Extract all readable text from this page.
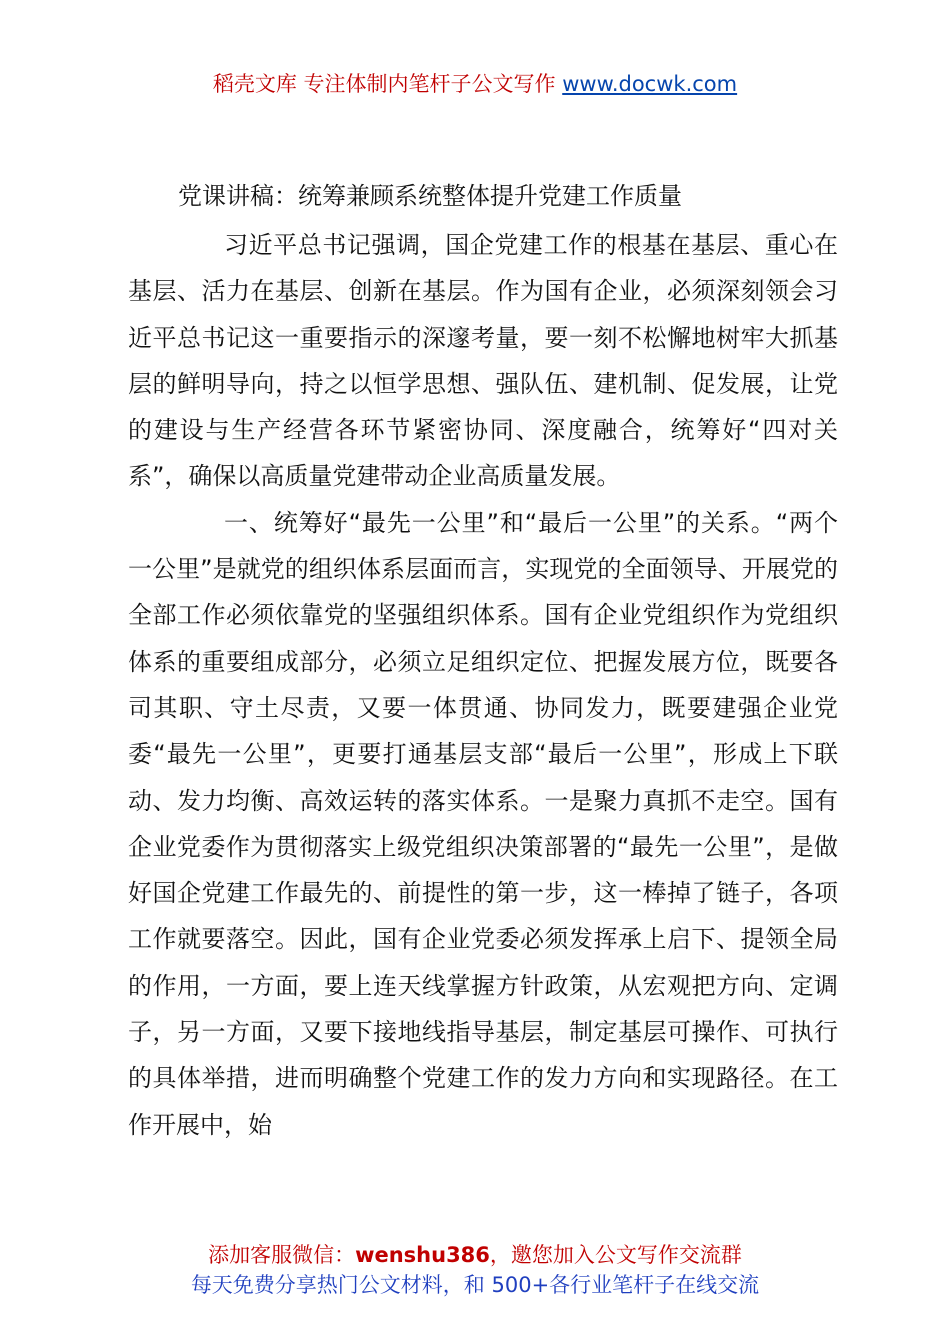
稻壳文库 专注体制内笔杆子公文写作 www.docwk.com
党课讲稿：统筹兼顾系统整体提升党建工作质量

习近平总书记强调，国企党建工作的根基在基层、重心在基层、活力在基层、创新在基层。作为国有企业，必须深刻领会习近平总书记这一重要指示的深邃考量，要一刻不松懈地树牢大抓基层的鲜明导向，持之以恒学思想、强队伍、建机制、促发展，让党的建设与生产经营各环节紧密协同、深度融合，统筹好“四对关系”，确保以高质量党建带动企业高质量发展。

一、统筹好“最先一公里”和“最后一公里”的关系。“两个一公里”是就党的组织体系层面而言，实现党的全面领导、开展党的全部工作必须依靠党的坚强组织体系。国有企业党组织作为党组织体系的重要组成部分，必须立足组织定位、把握发展方位，既要各司其职、守土尽责，又要一体贯通、协同发力，既要建强企业党委“最先一公里”，更要打通基层支部“最后一公里”，形成上下联动、发力均衡、高效运转的落实体系。一是聚力真抓不走空。国有企业党委作为贯彻落实上级党组织决策部署的“最先一公里”，是做好国企党建工作最先的、前提性的第一步，这一棒掉了链子，各项工作就要落空。因此，国有企业党委必须发挥承上启下、提领全局的作用，一方面，要上连天线掌握方针政策，从宏观把方向、定调子，另一方面，又要下接地线指导基层，制定基层可操作、可执行的具体举措，进而明确整个党建工作的发力方向和实现路径。在工作开展中，始

添加客服微信：wenshu386，邀您加入公文写作交流群
每天免费分享热门公文材料，和 500+各行业笔杆子在线交流
